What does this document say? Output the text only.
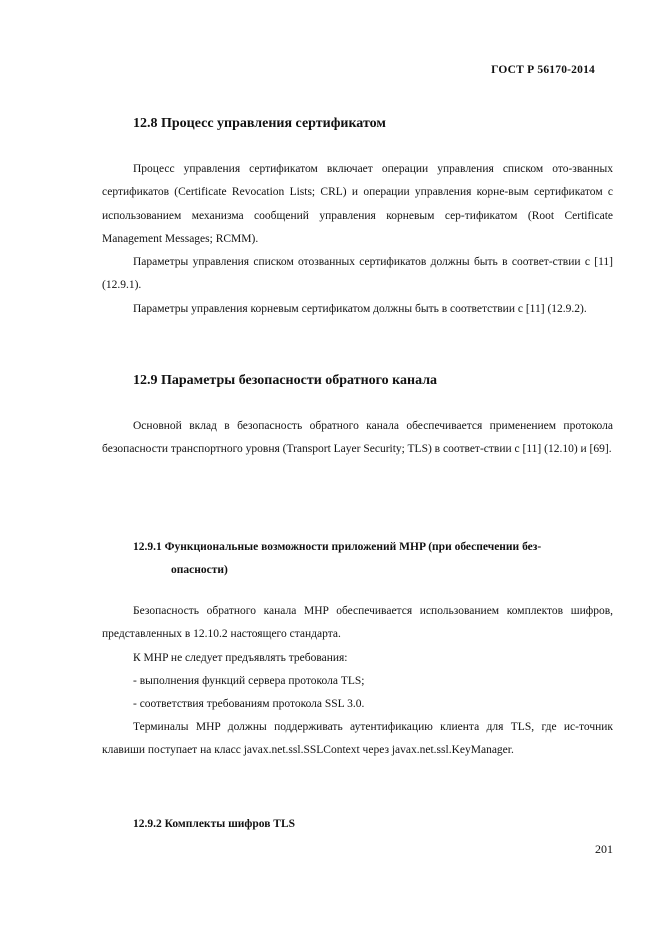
ГОСТ Р 56170-2014
12.8 Процесс управления сертификатом

Процесс управления сертификатом включает операции управления списком ото-званных сертификатов (Certificate Revocation Lists; CRL) и операции управления корне-вым сертификатом с использованием механизма сообщений управления корневым сер-тификатом (Root Certificate Management Messages; RCMM).

Параметры управления списком отозванных сертификатов должны быть в соответ-ствии с [11] (12.9.1).

Параметры управления корневым сертификатом должны быть в соответствии с [11] (12.9.2).

12.9 Параметры безопасности обратного канала

Основной вклад в безопасность обратного канала обеспечивается применением протокола безопасности транспортного уровня (Transport Layer Security; TLS) в соответ-ствии с [11] (12.10) и [69].

12.9.1 Функциональные возможности приложений MHP (при обеспечении без-
опасности)

Безопасность обратного канала MHP обеспечивается использованием комплектов шифров, представленных в 12.10.2 настоящего стандарта.

К MHP не следует предъявлять требования:

- выполнения функций сервера протокола TLS;

- соответствия требованиям протокола SSL 3.0.

Терминалы MHP должны поддерживать аутентификацию клиента для TLS, где ис-точник клавиши поступает на класс javax.net.ssl.SSLContext через javax.net.ssl.KeyManager.

12.9.2 Комплекты шифров TLS
201
